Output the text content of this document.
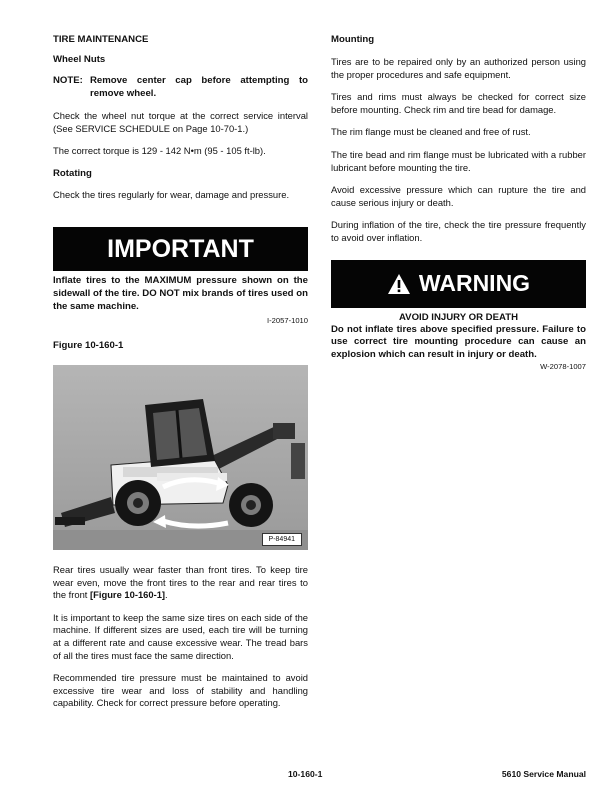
TIRE MAINTENANCE

Wheel Nuts

NOTE: Remove center cap before attempting to remove wheel.

Check the wheel nut torque at the correct service interval (See SERVICE SCHEDULE on Page 10-70-1.)

The correct torque is 129 - 142 N•m (95 - 105 ft-lb).

Rotating

Check the tires regularly for wear, damage and pressure.

IMPORTANT

Inflate tires to the MAXIMUM pressure shown on the sidewall of the tire. DO NOT mix brands of tires used on the same machine.

I-2057-1010

Figure 10-160-1

P-84941

Rear tires usually wear faster than front tires. To keep tire wear even, move the front tires to the rear and rear tires to the front [Figure 10-160-1].

It is important to keep the same size tires on each side of the machine. If different sizes are used, each tire will be turning at a different rate and cause excessive wear. The tread bars of all the tires must face the same direction.

Recommended tire pressure must be maintained to avoid excessive tire wear and loss of stability and handling capability. Check for correct pressure before operating.

Mounting

Tires are to be repaired only by an authorized person using the proper procedures and safe equipment.

Tires and rims must always be checked for correct size before mounting. Check rim and tire bead for damage.

The rim flange must be cleaned and free of rust.

The tire bead and rim flange must be lubricated with a rubber lubricant before mounting the tire.

Avoid excessive pressure which can rupture the tire and cause serious injury or death.

During inflation of the tire, check the tire pressure frequently to avoid over inflation.

WARNING

AVOID INJURY OR DEATH

Do not inflate tires above specified pressure. Failure to use correct tire mounting procedure can cause an explosion which can result in injury or death.

W-2078-1007

10-160-1	5610 Service Manual
